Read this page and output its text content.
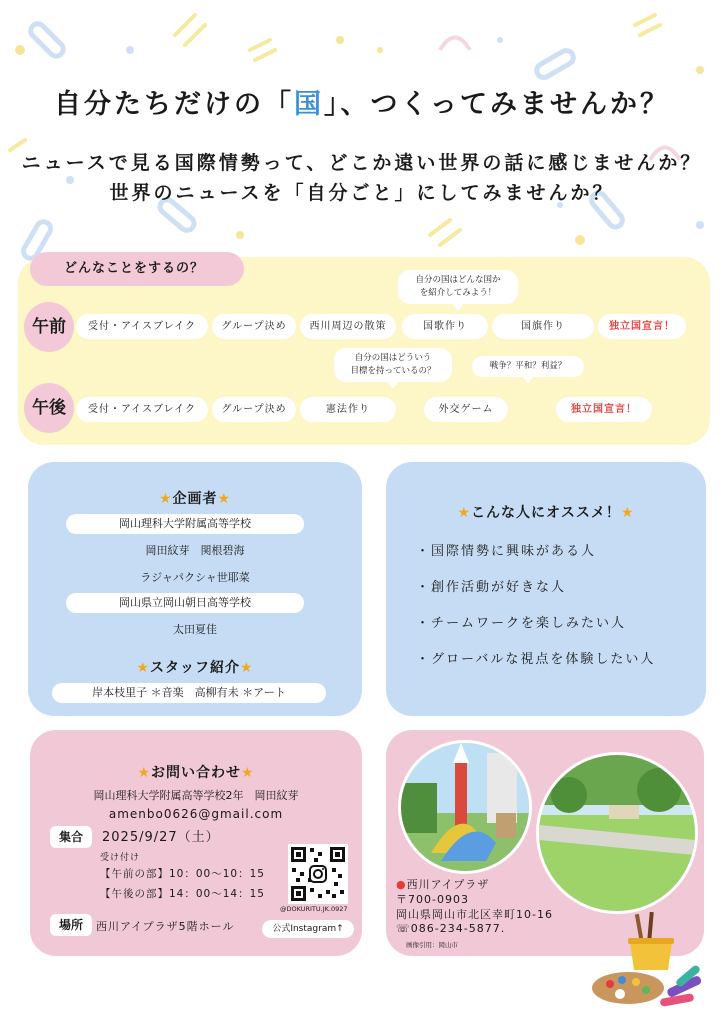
自分たちだけの「国」、つくってみませんか？

ニュースで見る国際情勢って、どこか遠い世界の話に感じませんか？

世界のニュースを「自分ごと」にしてみませんか？

どんなことをするの？
午前	受付・アイスブレイク	グループ決め	西川周辺の散策	国歌作り	国旗作り	独立国宣言！
自分の国はどんな国か
を紹介してみよう！
午後	受付・アイスブレイク	グループ決め	憲法作り	外交ゲーム	独立国宣言！
自分の国はどういう
目標を持っているの？	戦争？平和？利益？
★企画者★
岡山理科大学附属高等学校
岡田紋芽　関根碧海
ラジャパクシャ世耶菜
岡山県立岡山朝日高等学校
太田夏佳
★スタッフ紹介★
岸本枝里子 ＊音楽　高柳有未 ＊アート
★こんな人にオススメ！★
・国際情勢に興味がある人
・創作活動が好きな人
・チームワークを楽しみたい人
・グローバルな視点を体験したい人
★お問い合わせ★
岡山理科大学附属高等学校2年　岡田紋芽
amenbo0626@gmail.com
集合	2025/9/27（土）
受け付け
【午前の部】10：00～10：15
【午後の部】14：00～14：15
場所	西川アイプラザ5階ホール
@DOKURITU.JK.0927
公式Instagram↑
●西川アイプラザ
〒700-0903
岡山県岡山市北区幸町10-16
☏086-234-5877.
画像引用：岡山市
